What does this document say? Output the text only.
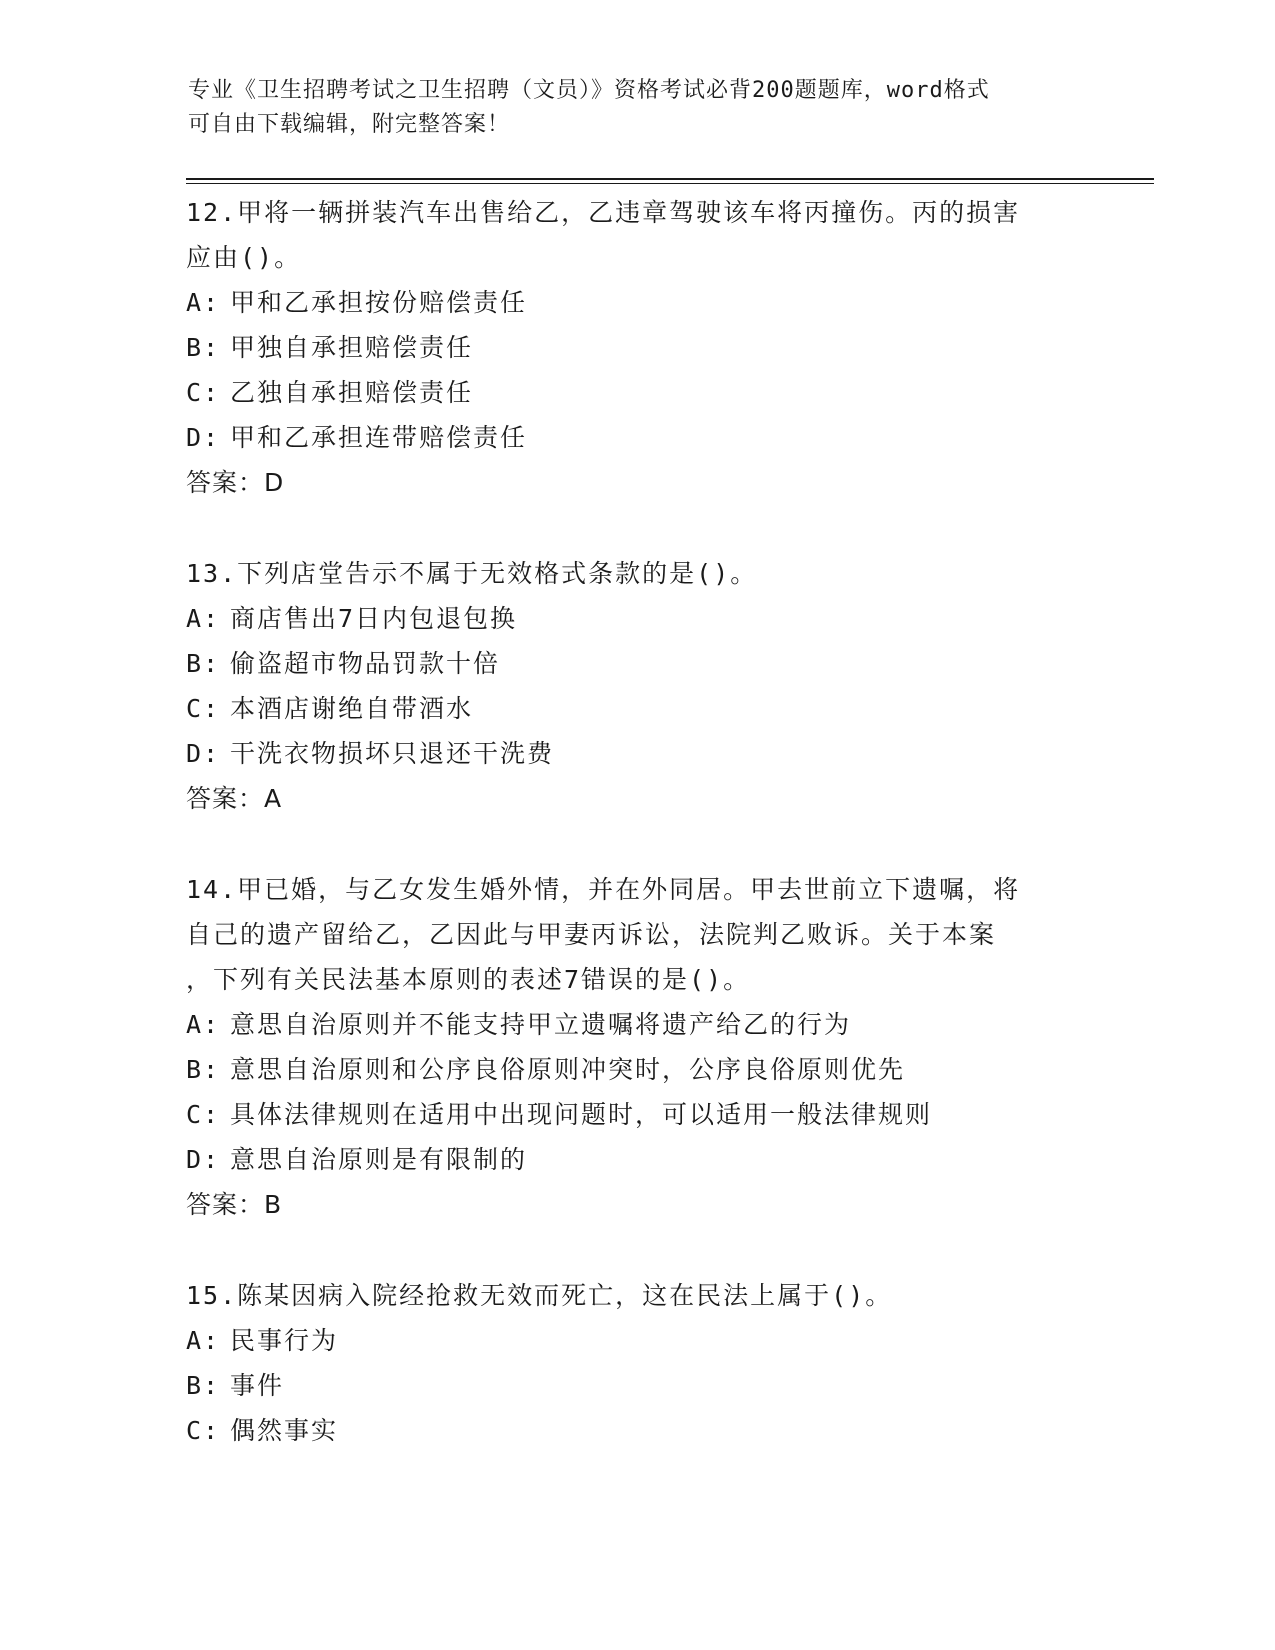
专业《卫生招聘考试之卫生招聘（文员）》资格考试必背200题题库，word格式
可自由下载编辑，附完整答案！
12.甲将一辆拼装汽车出售给乙，乙违章驾驶该车将丙撞伤。丙的损害
应由()。
A: 甲和乙承担按份赔偿责任
B: 甲独自承担赔偿责任
C: 乙独自承担赔偿责任
D: 甲和乙承担连带赔偿责任
答案：D
13.下列店堂告示不属于无效格式条款的是()。
A: 商店售出7日内包退包换
B: 偷盗超市物品罚款十倍
C: 本酒店谢绝自带酒水
D: 干洗衣物损坏只退还干洗费
答案：A
14.甲已婚，与乙女发生婚外情，并在外同居。甲去世前立下遗嘱，将
自己的遗产留给乙，乙因此与甲妻丙诉讼，法院判乙败诉。关于本案
，下列有关民法基本原则的表述7错误的是()。
A: 意思自治原则并不能支持甲立遗嘱将遗产给乙的行为
B: 意思自治原则和公序良俗原则冲突时，公序良俗原则优先
C: 具体法律规则在适用中出现问题时，可以适用一般法律规则
D: 意思自治原则是有限制的
答案：B
15.陈某因病入院经抢救无效而死亡，这在民法上属于()。
A: 民事行为
B: 事件
C: 偶然事实
